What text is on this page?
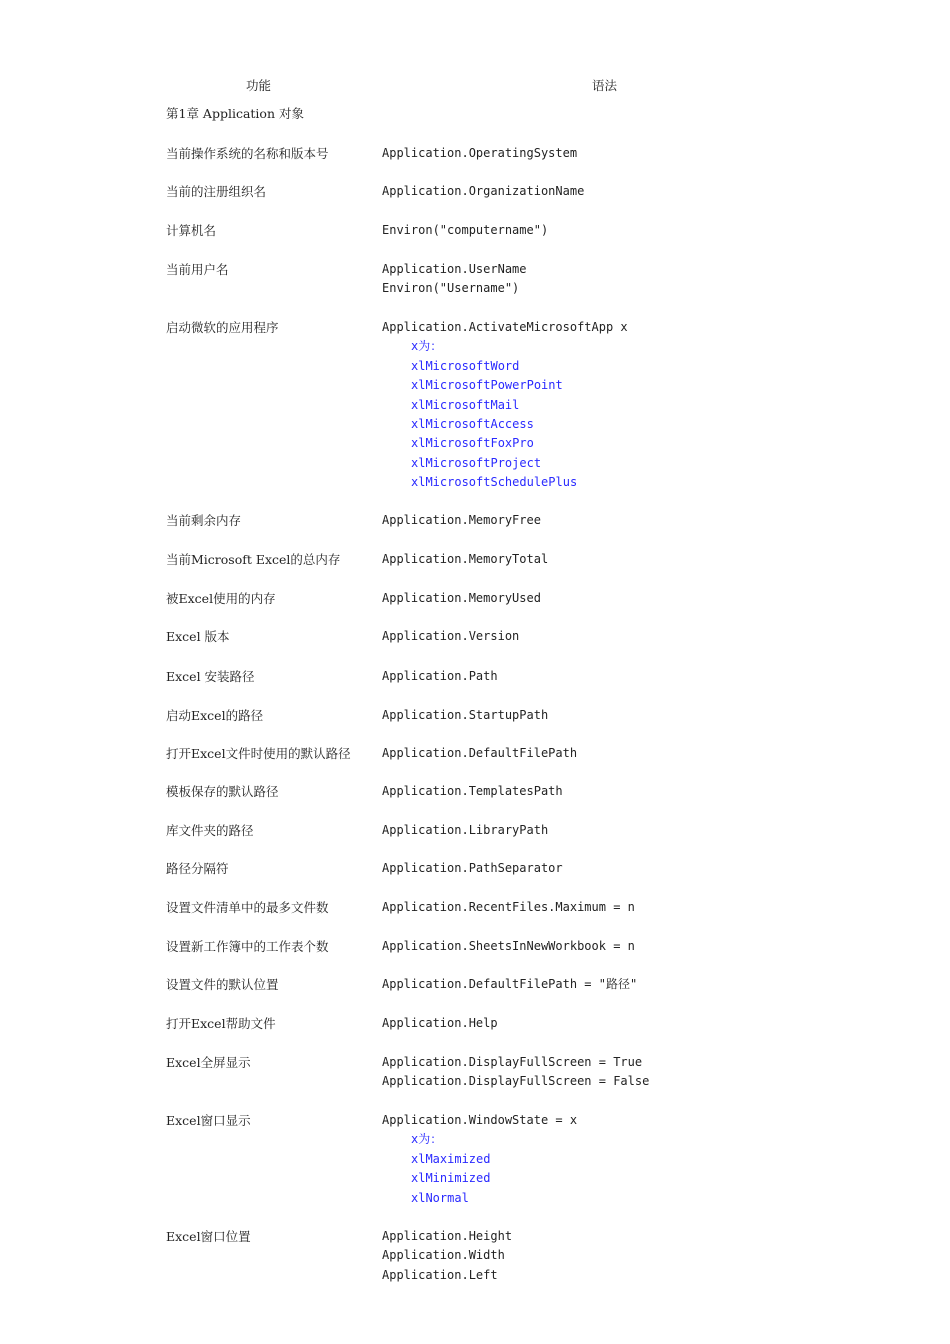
功能	语法
第1章 Application 对象
当前操作系统的名称和版本号	Application.OperatingSystem
当前的注册组织名	Application.OrganizationName
计算机名	Environ("computername")
当前用户名	Application.UserName
Environ("Username")
启动微软的应用程序	Application.ActivateMicrosoftApp x
x为：
xlMicrosoftWord
xlMicrosoftPowerPoint
xlMicrosoftMail
xlMicrosoftAccess
xlMicrosoftFoxPro
xlMicrosoftProject
xlMicrosoftSchedulePlus
当前剩余内存	Application.MemoryFree
当前Microsoft Excel的总内存	Application.MemoryTotal
被Excel使用的内存	Application.MemoryUsed
Excel 版本	Application.Version
Excel 安装路径	Application.Path
启动Excel的路径	Application.StartupPath
打开Excel文件时使用的默认路径	Application.DefaultFilePath
模板保存的默认路径	Application.TemplatesPath
库文件夹的路径	Application.LibraryPath
路径分隔符	Application.PathSeparator
设置文件清单中的最多文件数	Application.RecentFiles.Maximum = n
设置新工作簿中的工作表个数	Application.SheetsInNewWorkbook = n
设置文件的默认位置	Application.DefaultFilePath = "路径"
打开Excel帮助文件	Application.Help
Excel全屏显示	Application.DisplayFullScreen = True
Application.DisplayFullScreen = False
Excel窗口显示	Application.WindowState = x
x为：
xlMaximized
xlMinimized
xlNormal
Excel窗口位置	Application.Height
Application.Width
Application.Left
